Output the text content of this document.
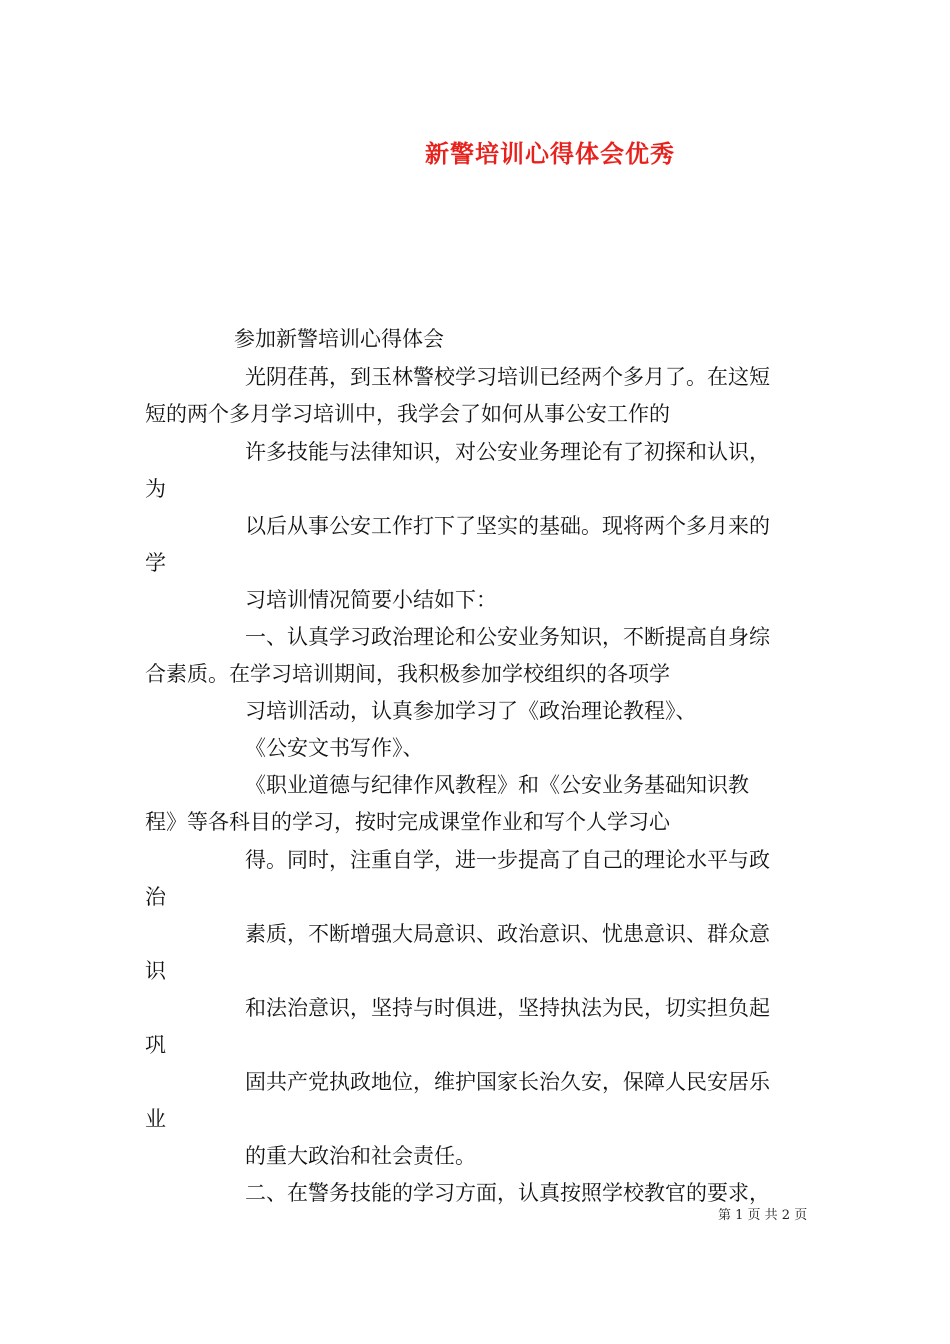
新警培训心得体会优秀

参加新警培训心得体会

光阴荏苒，到玉林警校学习培训已经两个多月了。在这短

短的两个多月学习培训中，我学会了如何从事公安工作的

许多技能与法律知识，对公安业务理论有了初探和认识，

为

以后从事公安工作打下了坚实的基础。现将两个多月来的

学

习培训情况简要小结如下：

一、认真学习政治理论和公安业务知识，不断提高自身综

合素质。在学习培训期间，我积极参加学校组织的各项学

习培训活动，认真参加学习了《政治理论教程》、

《公安文书写作》、

《职业道德与纪律作风教程》和《公安业务基础知识教

程》等各科目的学习，按时完成课堂作业和写个人学习心

得。同时，注重自学，进一步提高了自己的理论水平与政

治

素质，不断增强大局意识、政治意识、忧患意识、群众意

识

和法治意识，坚持与时俱进，坚持执法为民，切实担负起

巩

固共产党执政地位，维护国家长治久安，保障人民安居乐

业

的重大政治和社会责任。

二、在警务技能的学习方面，认真按照学校教官的要求，

第 1 页 共 2 页
